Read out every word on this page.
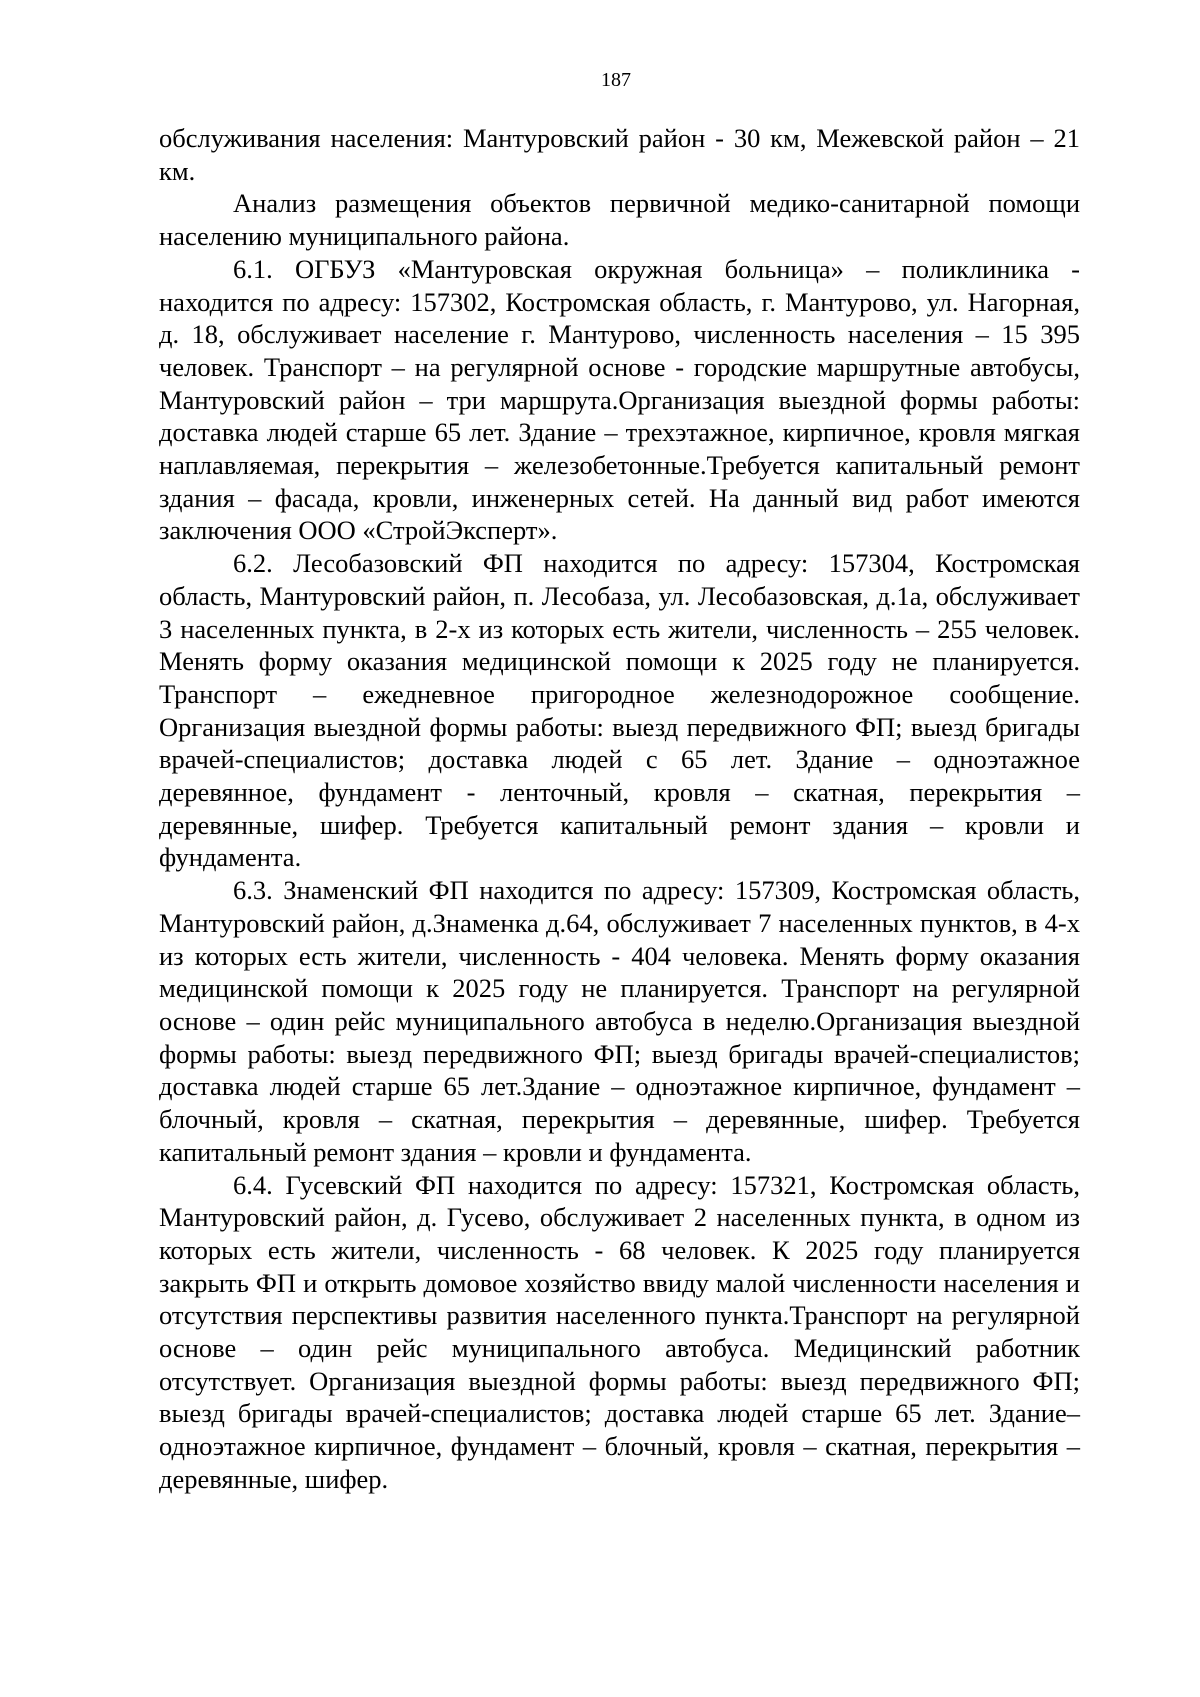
187

обслуживания населения: Мантуровский район - 30 км, Межевской район – 21 км.

Анализ размещения объектов первичной медико-санитарной помощи населению муниципального района.

6.1. ОГБУЗ «Мантуровская окружная больница» – поликлиника - находится по адресу: 157302, Костромская область, г. Мантурово, ул. Нагорная, д. 18, обслуживает население г. Мантурово, численность населения – 15 395 человек. Транспорт – на регулярной основе - городские маршрутные автобусы, Мантуровский район – три маршрута.Организация выездной формы работы: доставка людей старше 65 лет. Здание – трехэтажное, кирпичное, кровля мягкая наплавляемая, перекрытия – железобетонные.Требуется капитальный ремонт здания – фасада, кровли, инженерных сетей. На данный вид работ имеются заключения ООО «СтройЭксперт».

6.2. Лесобазовский ФП находится по адресу: 157304, Костромская область, Мантуровский район, п. Лесобаза, ул. Лесобазовская, д.1а, обслуживает 3 населенных пункта, в 2-х из которых есть жители, численность – 255 человек. Менять форму оказания медицинской помощи к 2025 году не планируется. Транспорт – ежедневное пригородное железнодорожное сообщение. Организация выездной формы работы: выезд передвижного ФП; выезд бригады врачей-специалистов; доставка людей с 65 лет. Здание – одноэтажное деревянное, фундамент - ленточный, кровля – скатная, перекрытия – деревянные, шифер. Требуется капитальный ремонт здания – кровли и фундамента.

6.3. Знаменский ФП находится по адресу: 157309, Костромская область, Мантуровский район, д.Знаменка д.64, обслуживает 7 населенных пунктов, в 4-х из которых есть жители, численность - 404 человека. Менять форму оказания медицинской помощи к 2025 году не планируется. Транспорт на регулярной основе – один рейс муниципального автобуса в неделю.Организация выездной формы работы: выезд передвижного ФП; выезд бригады врачей-специалистов; доставка людей старше 65 лет.Здание – одноэтажное кирпичное, фундамент – блочный, кровля – скатная, перекрытия – деревянные, шифер. Требуется капитальный ремонт здания – кровли и фундамента.

6.4. Гусевский ФП находится по адресу: 157321, Костромская область, Мантуровский район, д. Гусево, обслуживает 2 населенных пункта, в одном из которых есть жители, численность - 68 человек. К 2025 году планируется закрыть ФП и открыть домовое хозяйство ввиду малой численности населения и отсутствия перспективы развития населенного пункта.Транспорт на регулярной основе – один рейс муниципального автобуса. Медицинский работник отсутствует. Организация выездной формы работы: выезд передвижного ФП; выезд бригады врачей-специалистов; доставка людей старше 65 лет. Здание– одноэтажное кирпичное, фундамент – блочный, кровля – скатная, перекрытия –деревянные, шифер.
